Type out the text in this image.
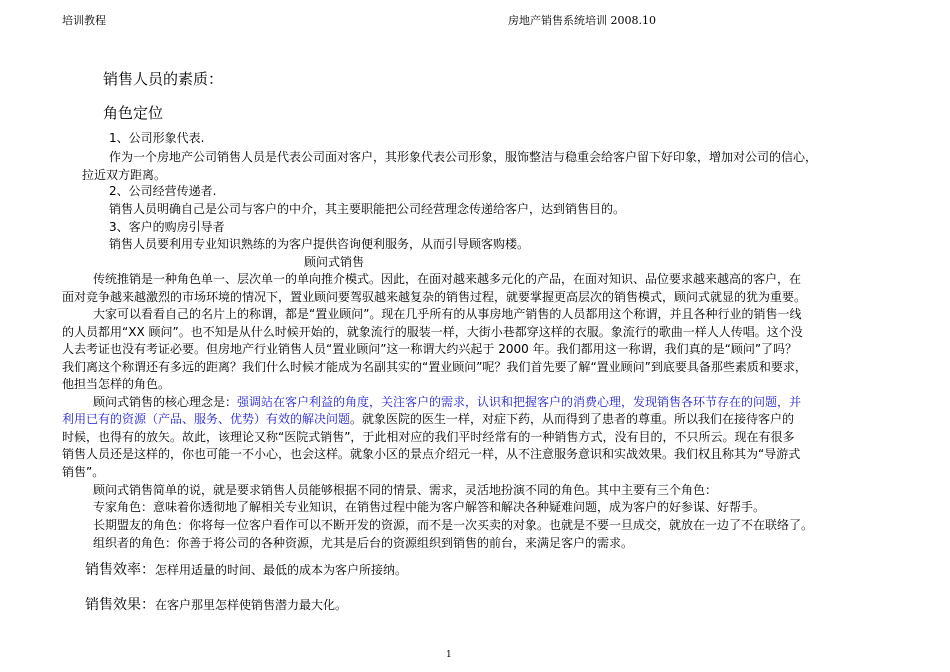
培训教程	房地产销售系统培训 2008.10
销售人员的素质：
角色定位
1、公司形象代表.
作为一个房地产公司销售人员是代表公司面对客户，其形象代表公司形象，服饰整洁与稳重会给客户留下好印象，增加对公司的信心，
拉近双方距离。
2、公司经营传递者.
销售人员明确自己是公司与客户的中介，其主要职能把公司经营理念传递给客户，达到销售目的。
3、客户的购房引导者
销售人员要利用专业知识熟练的为客户提供咨询便利服务，从而引导顾客购楼。
顾问式销售
传统推销是一种角色单一、层次单一的单向推介模式。因此，在面对越来越多元化的产品，在面对知识、品位要求越来越高的客户，在
面对竞争越来越激烈的市场环境的情况下，置业顾问要驾驭越来越复杂的销售过程，就要掌握更高层次的销售模式，顾问式就显的犹为重要。
大家可以看看自己的名片上的称谓，都是“置业顾问”。现在几乎所有的从事房地产销售的人员都用这个称谓，并且各种行业的销售一线
的人员都用“XX 顾问”。也不知是从什么时候开始的，就象流行的服装一样，大街小巷都穿这样的衣服。象流行的歌曲一样人人传唱。这个没
人去考证也没有考证必要。但房地产行业销售人员“置业顾问”这一称谓大约兴起于 2000 年。我们都用这一称谓，我们真的是“顾问”了吗？
我们离这个称谓还有多远的距离？我们什么时候才能成为名副其实的“置业顾问”呢？我们首先要了解“置业顾问”到底要具备那些素质和要求，
他担当怎样的角色。
顾问式销售的核心理念是：强调站在客户利益的角度，关注客户的需求，认识和把握客户的消费心理，发现销售各环节存在的问题，并
利用已有的资源（产品、服务、优势）有效的解决问题。就象医院的医生一样，对症下药，从而得到了患者的尊重。所以我们在接待客户的
时候，也得有的放矢。故此，该理论又称“医院式销售”，于此相对应的我们平时经常有的一种销售方式，没有目的，不只所云。现在有很多
销售人员还是这样的，你也可能一不小心，也会这样。就象小区的景点介绍元一样，从不注意服务意识和实战效果。我们权且称其为“导游式
销售”。
顾问式销售简单的说，就是要求销售人员能够根据不同的情景、需求，灵活地扮演不同的角色。其中主要有三个角色：
专家角色：意味着你透彻地了解相关专业知识，在销售过程中能为客户解答和解决各种疑难问题，成为客户的好参谋、好帮手。
长期盟友的角色：你将每一位客户看作可以不断开发的资源，而不是一次买卖的对象。也就是不要一旦成交，就放在一边了不在联络了。
组织者的角色：你善于将公司的各种资源，尤其是后台的资源组织到销售的前台，来满足客户的需求。
销售效率：怎样用适量的时间、最低的成本为客户所接纳。
销售效果：在客户那里怎样使销售潜力最大化。
1
